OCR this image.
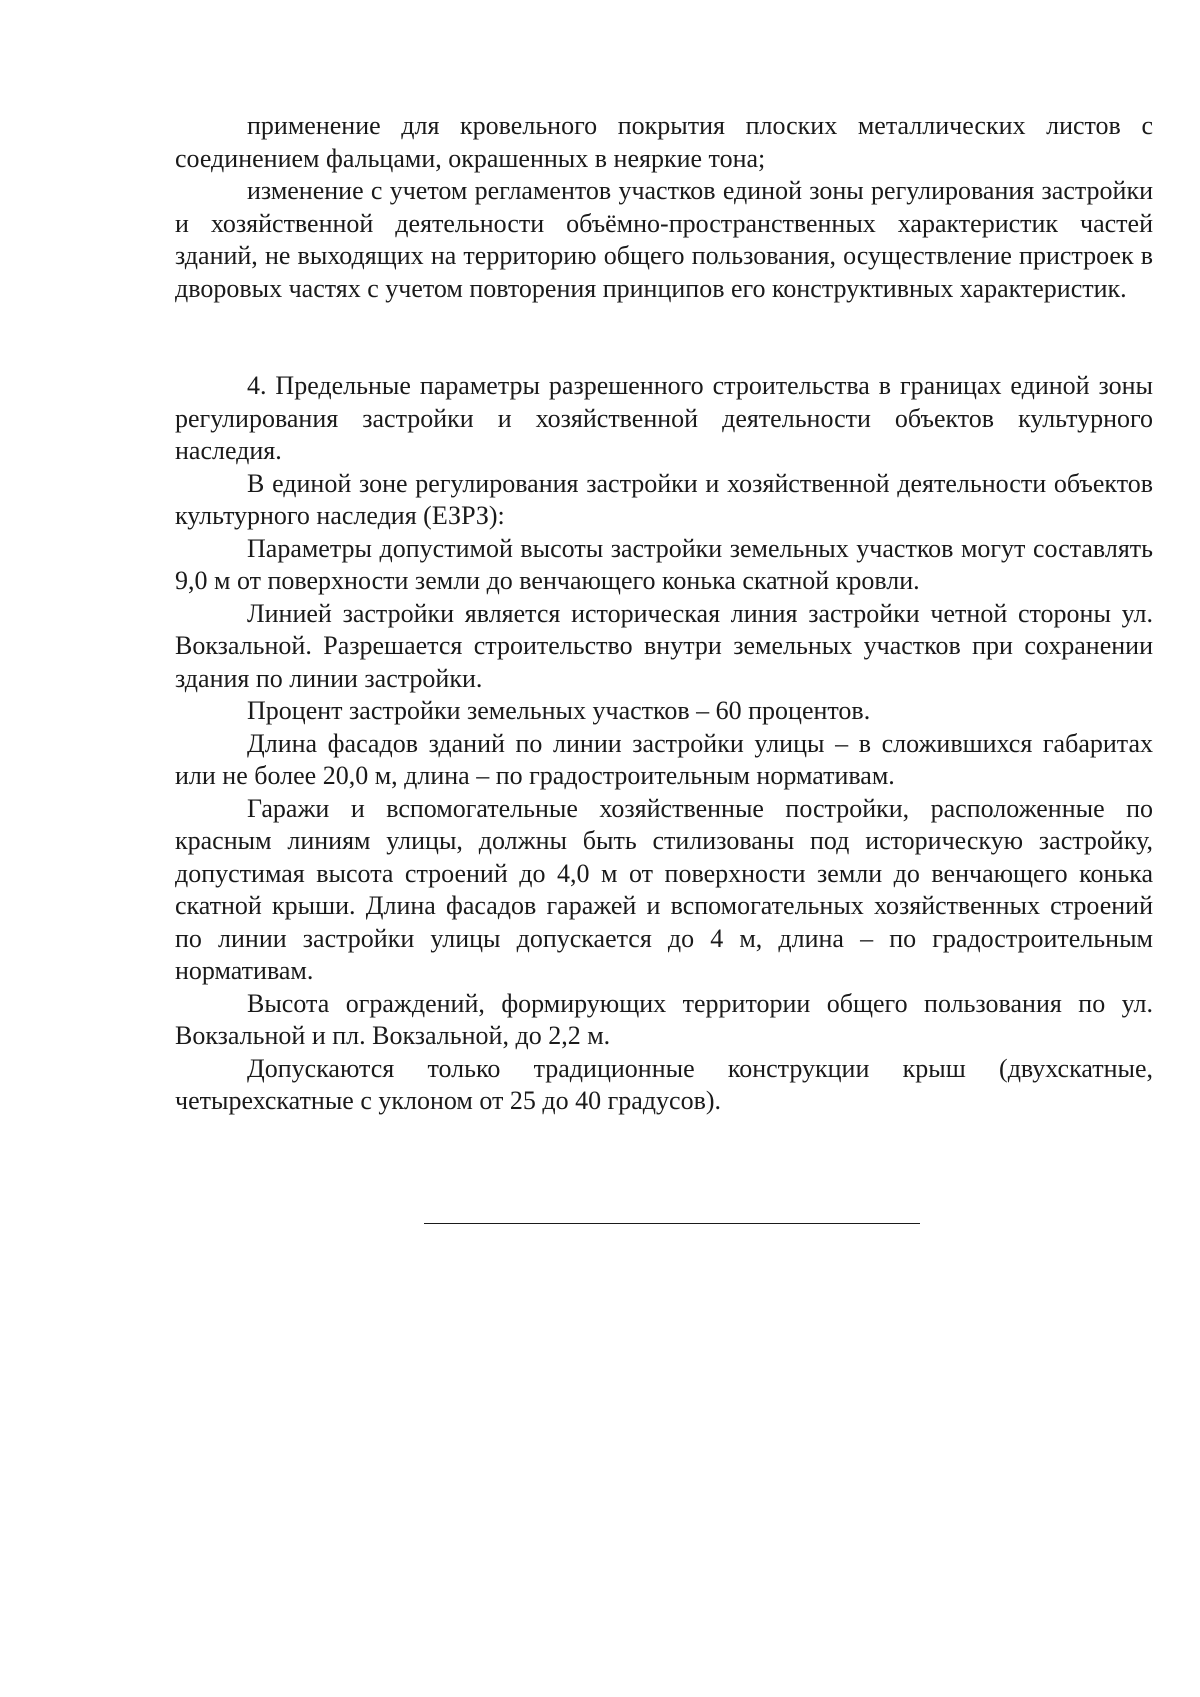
применение для кровельного покрытия плоских металлических листов с соединением фальцами, окрашенных в неяркие тона;

изменение с учетом регламентов участков единой зоны регулирования застройки и хозяйственной деятельности объёмно-пространственных характеристик частей зданий, не выходящих на территорию общего пользования, осуществление пристроек в дворовых частях с учетом повторения принципов его конструктивных характеристик.

4. Предельные параметры разрешенного строительства в границах единой зоны регулирования застройки и хозяйственной деятельности объектов культурного наследия.

В единой зоне регулирования застройки и хозяйственной деятельности объектов культурного наследия (ЕЗРЗ):

Параметры допустимой высоты застройки земельных участков могут составлять 9,0 м от поверхности земли до венчающего конька скатной кровли.

Линией застройки является историческая линия застройки четной стороны ул. Вокзальной. Разрешается строительство внутри земельных участков при сохранении здания по линии застройки.

Процент застройки земельных участков – 60 процентов.

Длина фасадов зданий по линии застройки улицы – в сложившихся габаритах или не более 20,0 м, длина – по градостроительным нормативам.

Гаражи и вспомогательные хозяйственные постройки, расположенные по красным линиям улицы, должны быть стилизованы под историческую застройку, допустимая высота строений до 4,0 м от поверхности земли до венчающего конька скатной крыши. Длина фасадов гаражей и вспомогательных хозяйственных строений по линии застройки улицы допускается до 4 м, длина – по градостроительным нормативам.

Высота ограждений, формирующих территории общего пользования по ул. Вокзальной и пл. Вокзальной, до 2,2 м.

Допускаются только традиционные конструкции крыш (двухскатные, четырехскатные с уклоном от 25 до 40 градусов).
